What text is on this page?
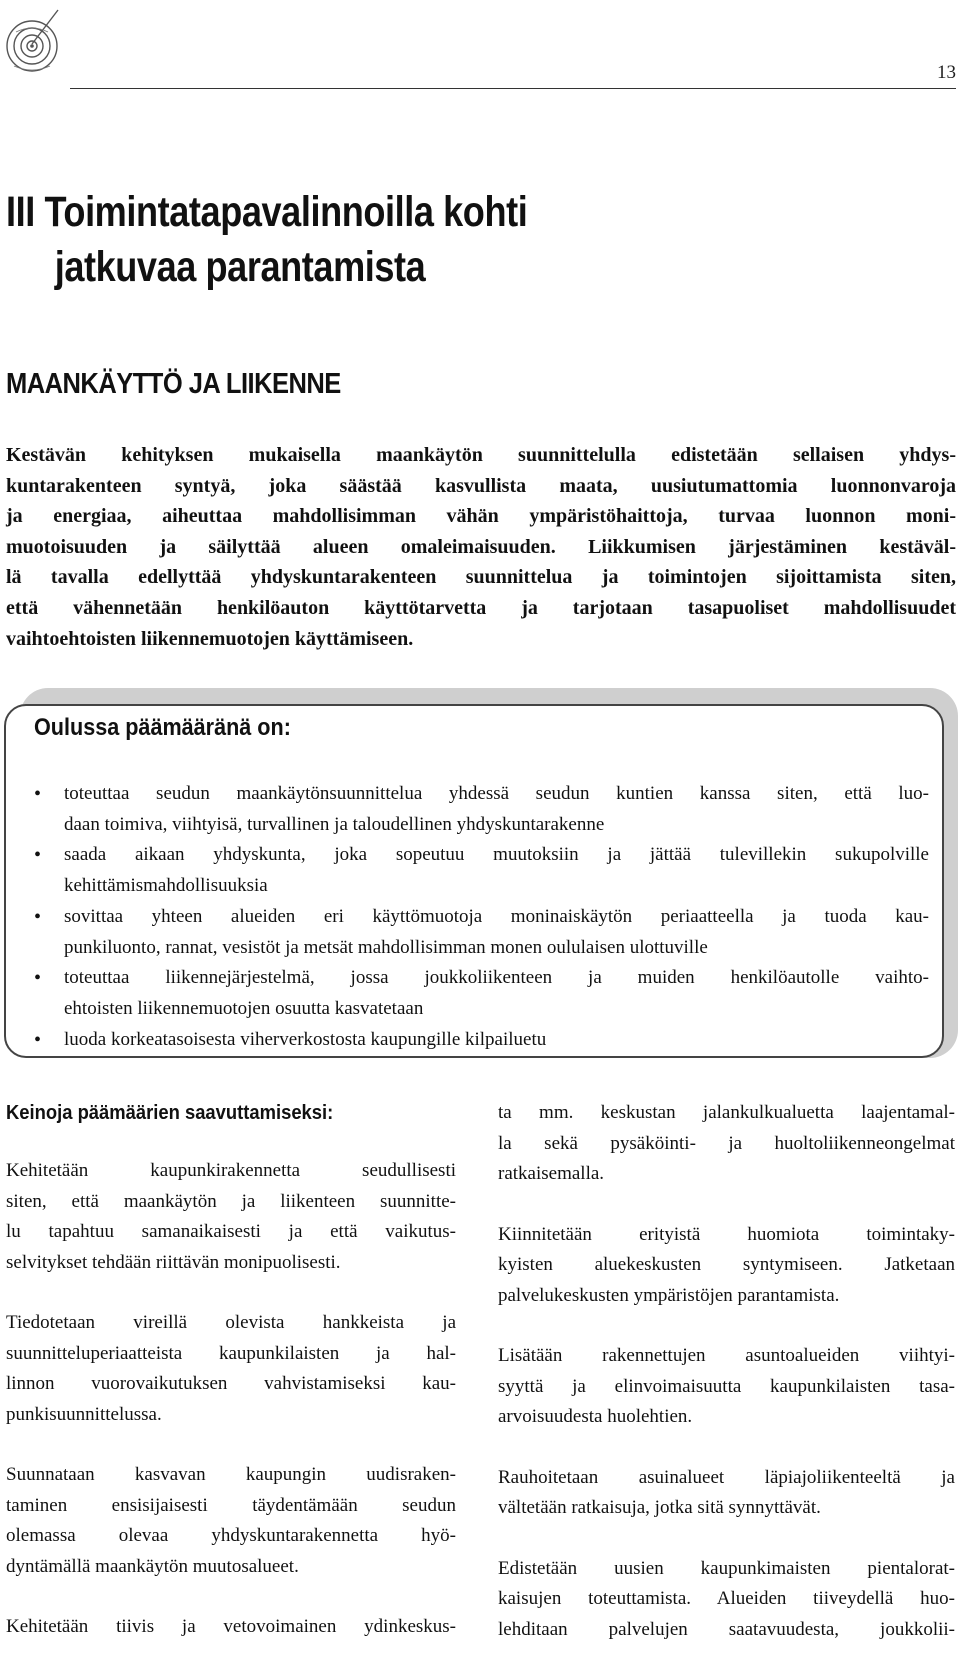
13
III Toimintatapavalinnoilla kohti
jatkuvaa parantamista
MAANKÄYTTÖ JA LIIKENNE

Kestävän kehityksen mukaisella maankäytön suunnittelulla edistetään sellaisen yhdys-
kuntarakenteen syntyä, joka säästää kasvullista maata, uusiutumattomia luonnonvaroja
ja energiaa, aiheuttaa mahdollisimman vähän ympäristöhaittoja, turvaa luonnon moni-
muotoisuuden ja säilyttää alueen omaleimaisuuden. Liikkumisen järjestäminen kestäväl-
lä tavalla edellyttää yhdyskuntarakenteen suunnittelua ja toimintojen sijoittamista siten,
että vähennetään henkilöauton käyttötarvetta ja tarjotaan tasapuoliset mahdollisuudet
vaihtoehtoisten liikennemuotojen käyttämiseen.

Oulussa päämääränä on:
• toteuttaa seudun maankäytönsuunnittelua yhdessä seudun kuntien kanssa siten, että luo-
daan toimiva, viihtyisä, turvallinen ja taloudellinen yhdyskuntarakenne
• saada aikaan yhdyskunta, joka sopeutuu muutoksiin ja jättää tulevillekin sukupolville
kehittämismahdollisuuksia
• sovittaa yhteen alueiden eri käyttömuotoja moninaiskäytön periaatteella ja tuoda kau-
punkiluonto, rannat, vesistöt ja metsät mahdollisimman monen oululaisen ulottuville
• toteuttaa liikennejärjestelmä, jossa joukkoliikenteen ja muiden henkilöautolle vaihto-
ehtoisten liikennemuotojen osuutta kasvatetaan
• luoda korkeatasoisesta viherverkostosta kaupungille kilpailuetu
Keinoja päämäärien saavuttamiseksi:

Kehitetään kaupunkirakennetta seudullisesti
siten, että maankäytön ja liikenteen suunnitte-
lu tapahtuu samanaikaisesti ja että vaikutus-
selvitykset tehdään riittävän monipuolisesti.

Tiedotetaan vireillä olevista hankkeista ja
suunnitteluperiaatteista kaupunkilaisten ja hal-
linnon vuorovaikutuksen vahvistamiseksi kau-
punkisuunnittelussa.

Suunnataan kasvavan kaupungin uudisraken-
taminen ensisijaisesti täydentämään seudun
olemassa olevaa yhdyskuntarakennetta hyö-
dyntämällä maankäytön muutosalueet.

Kehitetään tiivis ja vetovoimainen ydinkeskus-

ta mm. keskustan jalankulkualuetta laajentamal-
la sekä pysäköinti- ja huoltoliikenneongelmat
ratkaisemalla.

Kiinnitetään erityistä huomiota toimintaky-
kyisten aluekeskusten syntymiseen. Jatketaan
palvelukeskusten ympäristöjen parantamista.

Lisätään rakennettujen asuntoalueiden viihtyi-
syyttä ja elinvoimaisuutta kaupunkilaisten tasa-
arvoisuudesta huolehtien.

Rauhoitetaan asuinalueet läpiajoliikenteeltä ja
vältetään ratkaisuja, jotka sitä synnyttävät.

Edistetään uusien kaupunkimaisten pientalorat-
kaisujen toteuttamista. Alueiden tiiveydellä huo-
lehditaan palvelujen saatavuudesta, joukkolii-
